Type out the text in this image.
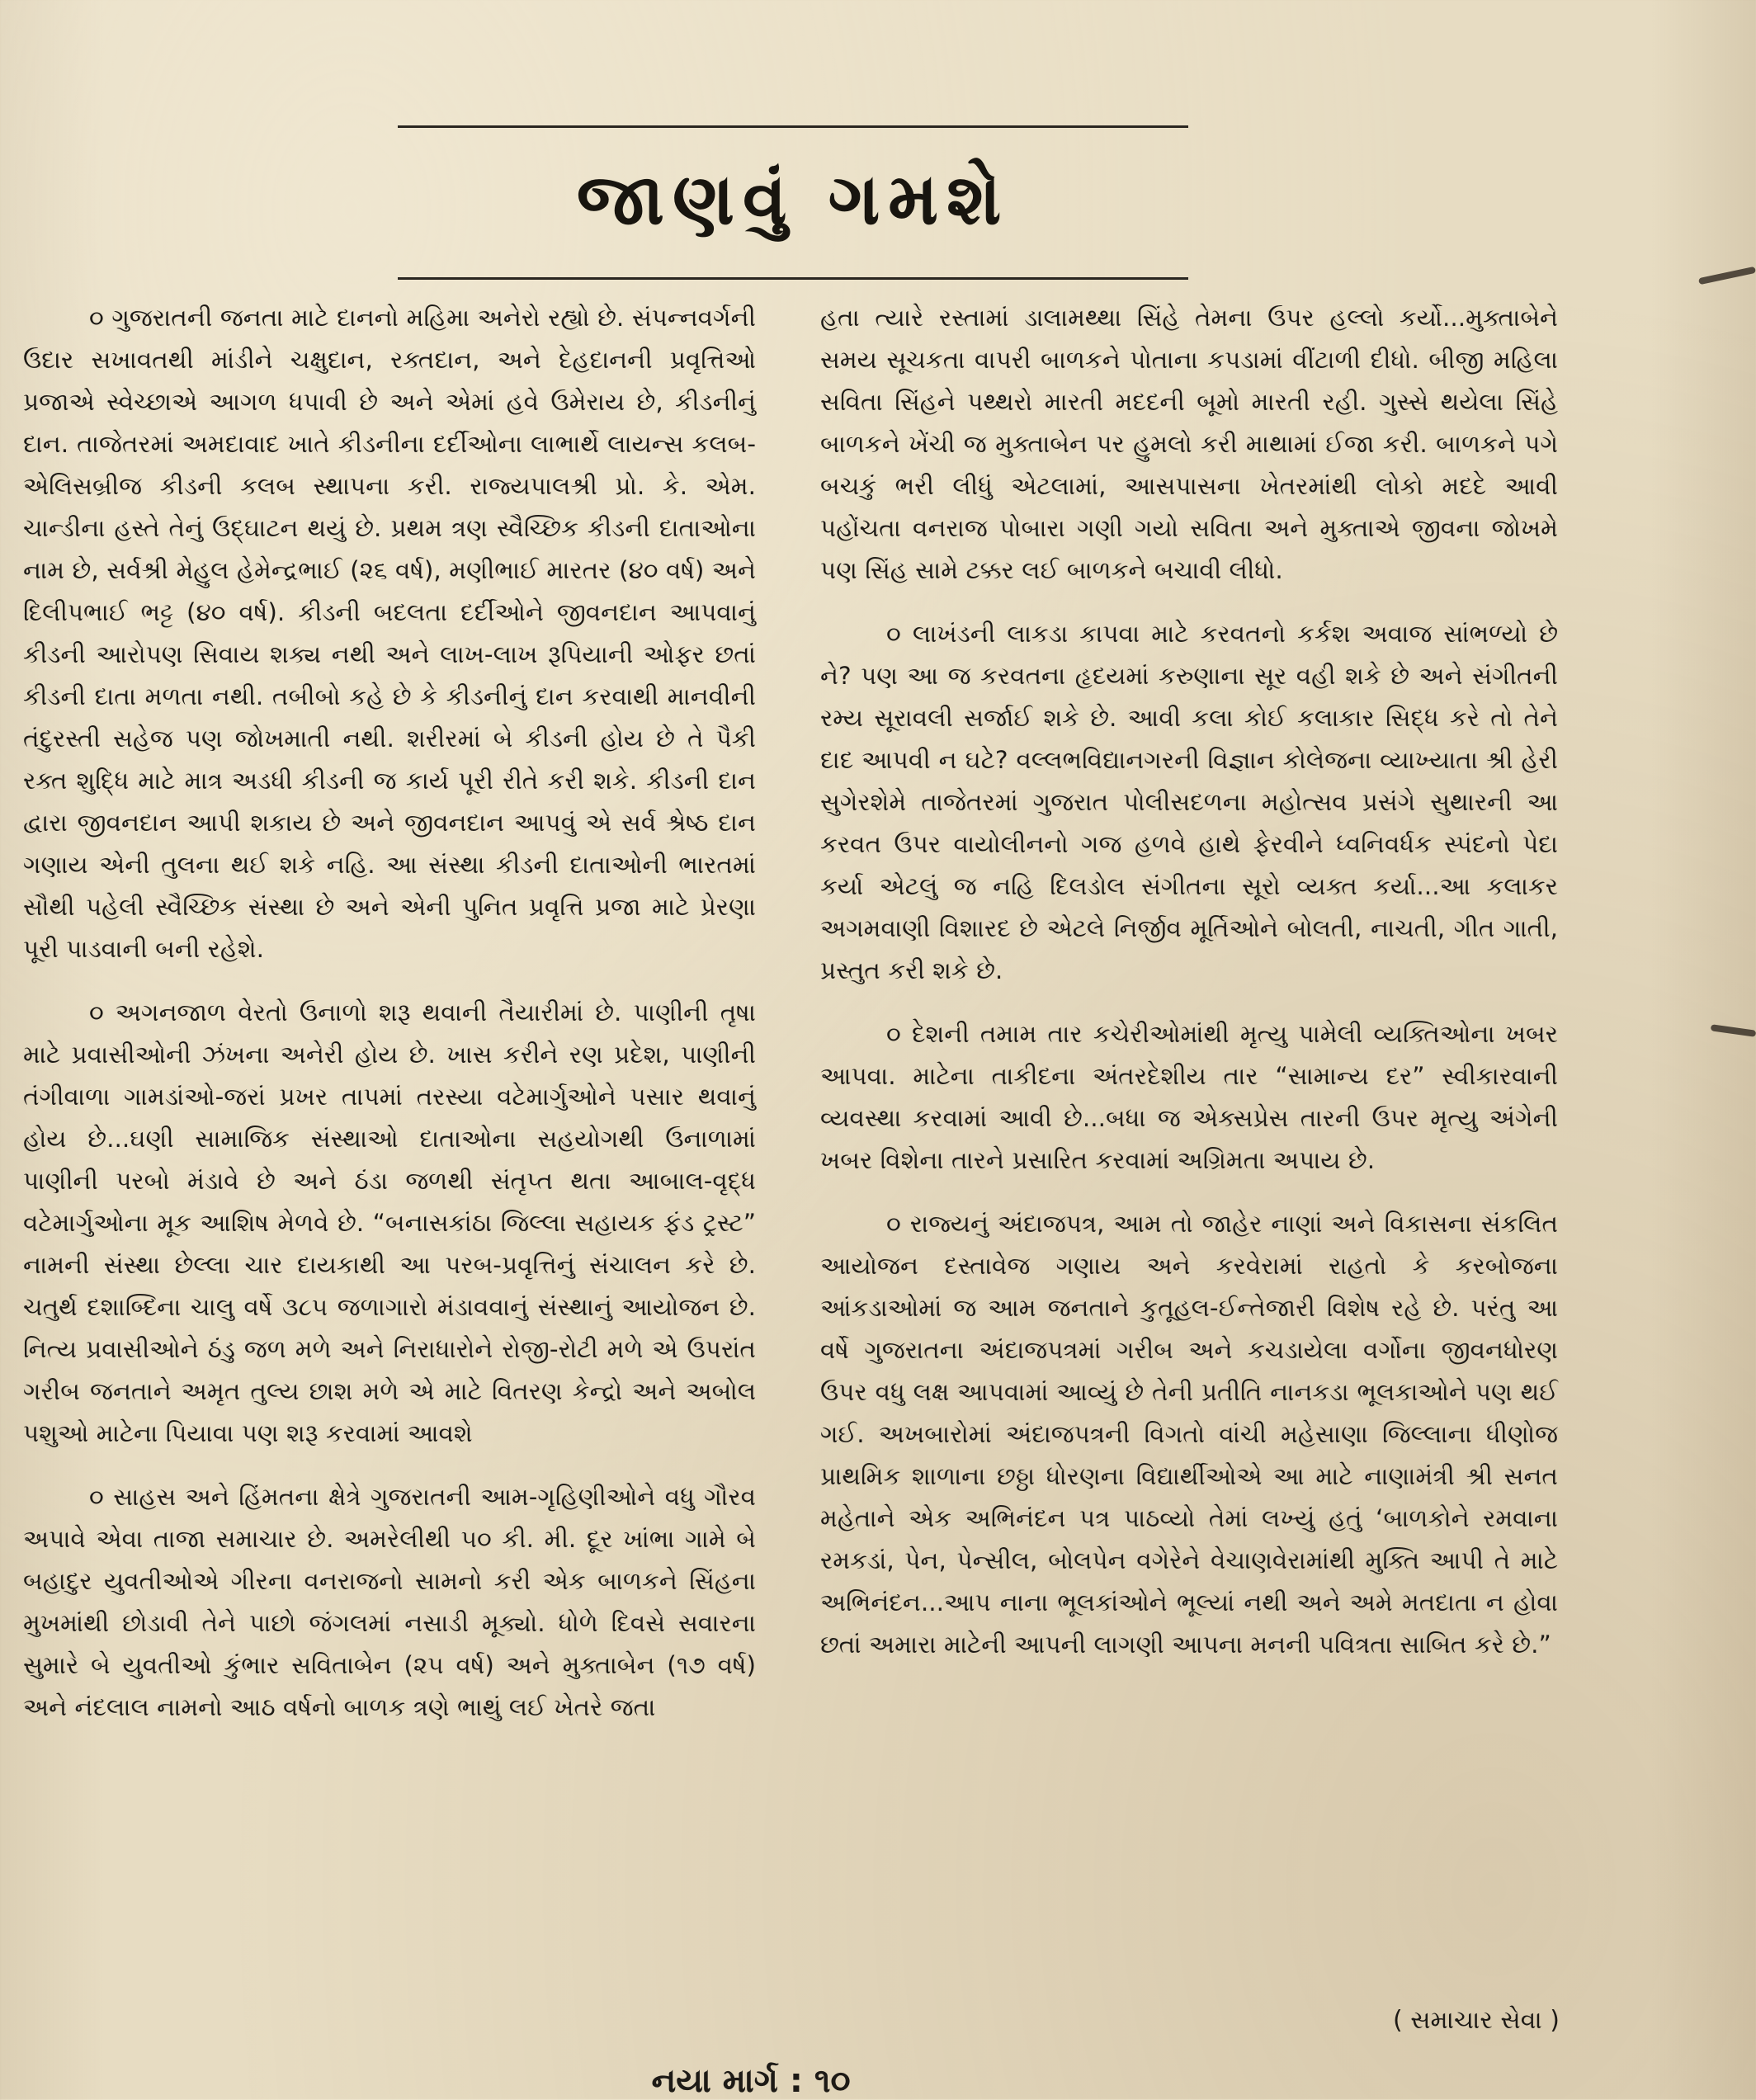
જાણવું ગમશે

૦ ગુજરાતની જનતા માટે દાનનો મહિમા અનેરો રહ્યો છે. સંપન્નવર્ગની ઉદાર સખાવતથી માંડીને ચક્ષુદાન, રક્તદાન, અને દેહદાનની પ્રવૃત્તિઓ પ્રજાએ સ્વેચ્છાએ આગળ ધપાવી છે અને એમાં હવે ઉમેરાય છે, કીડનીનું દાન. તાજેતરમાં અમદાવાદ ખાતે કીડનીના દર્દીઓના લાભાર્થે લાયન્સ કલબ-એલિસબ્રીજ કીડની કલબ સ્થાપના કરી. રાજ્યપાલશ્રી પ્રો. કે. એમ. ચાન્ડીના હસ્તે તેનું ઉદ્‌ઘાટન થયું છે. પ્રથમ ત્રણ સ્વૈચ્છિક કીડની દાતાઓના નામ છે, સર્વશ્રી મેહુલ હેમેન્દ્રભાઈ (૨૬ વર્ષ), મણીભાઈ મારતર (૪૦ વર્ષ) અને દિલીપભાઈ ભટ્ટ (૪૦ વર્ષ). કીડની બદલતા દર્દીઓને જીવનદાન આપવાનું કીડની આરોપણ સિવાય શક્ય નથી અને લાખ-લાખ રૂપિયાની ઓફર છતાં કીડની દાતા મળતા નથી. તબીબો કહે છે કે કીડનીનું દાન કરવાથી માનવીની તંદુરસ્તી સહેજ પણ જોખમાતી નથી. શરીરમાં બે કીડની હોય છે તે પૈકી રક્ત શુદ્ધિ માટે માત્ર અડધી કીડની જ કાર્ય પૂરી રીતે કરી શકે. કીડની દાન દ્વારા જીવનદાન આપી શકાય છે અને જીવનદાન આપવું એ સર્વ શ્રેષ્ઠ દાન ગણાય એની તુલના થઈ શકે નહિ. આ સંસ્થા કીડની દાતાઓની ભારતમાં સૌથી પહેલી સ્વૈચ્છિક સંસ્થા છે અને એની પુનિત પ્રવૃત્તિ પ્રજા માટે પ્રેરણા પૂરી પાડવાની બની રહેશે.

૦ અગનજાળ વેરતો ઉનાળો શરૂ થવાની તૈયારીમાં છે. પાણીની તૃષા માટે પ્રવાસીઓની ઝંખના અનેરી હોય છે. ખાસ કરીને રણ પ્રદેશ, પાણીની તંગીવાળા ગામડાંઓ-જરાં પ્રખર તાપમાં તરસ્યા વટેમાર્ગુઓને પસાર થવાનું હોય છે...ઘણી સામાજિક સંસ્થાઓ દાતાઓના સહયોગથી ઉનાળામાં પાણીની પરબો મંડાવે છે અને ઠંડા જળથી સંતૃપ્ત થતા આબાલ-વૃદ્ધ વટેમાર્ગુઓના મૂક આશિષ મેળવે છે. “બનાસકાંઠા જિલ્લા સહાયક ફંડ ટ્રસ્ટ” નામની સંસ્થા છેલ્લા ચાર દાયકાથી આ પરબ-પ્રવૃત્તિનું સંચાલન કરે છે. ચતુર્થ દશાબ્દિના ચાલુ વર્ષે ૩૮૫ જળાગારો મંડાવવાનું સંસ્થાનું આયોજન છે. નિત્ય પ્રવાસીઓને ઠંડુ જળ મળે અને નિરાધારોને રોજી-રોટી મળે એ ઉપરાંત ગરીબ જનતાને અમૃત તુલ્ય છાશ મળે એ માટે વિતરણ કેન્દ્રો અને અબોલ પશુઓ માટેના પિયાવા પણ શરૂ કરવામાં આવશે

૦ સાહસ અને હિંમતના ક્ષેત્રે ગુજરાતની આમ-ગૃહિણીઓને વધુ ગૌરવ અપાવે એવા તાજા સમાચાર છે. અમરેલીથી ૫૦ કી. મી. દૂર ખાંભા ગામે બે બહાદુર યુવતીઓએ ગીરના વનરાજનો સામનો કરી એક બાળકને સિંહના મુખમાંથી છોડાવી તેને પાછો જંગલમાં નસાડી મૂક્યો. ધોળે દિવસે સવારના સુમારે બે યુવતીઓ કુંભાર સવિતાબેન (૨૫ વર્ષ) અને મુક્તાબેન (૧૭ વર્ષ) અને નંદલાલ નામનો આઠ વર્ષનો બાળક ત્રણે ભાથું લઈ ખેતરે જતા

હતા ત્યારે રસ્તામાં ડાલામથ્થા સિંહે તેમના ઉપર હલ્લો કર્યો...મુક્તાબેને સમય સૂચકતા વાપરી બાળકને પોતાના કપડામાં વીંટાળી દીધો. બીજી મહિલા સવિતા સિંહને પથ્થરો મારતી મદદની બૂમો મારતી રહી. ગુસ્સે થયેલા સિંહે બાળકને ખેંચી જ મુક્તાબેન પર હુમલો કરી માથામાં ઈજા કરી. બાળકને પગે બચકું ભરી લીધું એટલામાં, આસપાસના ખેતરમાંથી લોકો મદદે આવી પહોંચતા વનરાજ પોબારા ગણી ગયો સવિતા અને મુક્તાએ જીવના જોખમે પણ સિંહ સામે ટક્કર લઈ બાળકને બચાવી લીધો.

૦ લાખંડની લાકડા કાપવા માટે કરવતનો કર્કશ અવાજ સાંભળ્યો છે ને? પણ આ જ કરવતના હૃદયમાં કરુણાના સૂર વહી શકે છે અને સંગીતની રમ્ય સૂરાવલી સર્જાઈ શકે છે. આવી કલા કોઈ કલાકાર સિદ્ધ કરે તો તેને દાદ આપવી ન ઘટે? વલ્લભવિદ્યાનગરની વિજ્ઞાન કોલેજના વ્યાખ્યાતા શ્રી હેરી સુગેરશેમે તાજેતરમાં ગુજરાત પોલીસદળના મહોત્સવ પ્રસંગે સુથારની આ કરવત ઉપર વાયોલીનનો ગજ હળવે હાથે ફેરવીને ધ્વનિવર્ધક સ્પંદનો પેદા કર્યા એટલું જ નહિ દિલડોલ સંગીતના સૂરો વ્યક્ત કર્યા...આ કલાકર અગમવાણી વિશારદ છે એટલે નિર્જીવ મૂર્તિઓને બોલતી, નાચતી, ગીત ગાતી, પ્રસ્તુત કરી શકે છે.

૦ દેશની તમામ તાર કચેરીઓમાંથી મૃત્યુ પામેલી વ્યક્તિઓના ખબર આપવા. માટેના તાકીદના અંતરદેશીય તાર “સામાન્ય દર” સ્વીકારવાની વ્યવસ્થા કરવામાં આવી છે...બધા જ એક્સપ્રેસ તારની ઉપર મૃત્યુ અંગેની ખબર વિશેના તારને પ્રસારિત કરવામાં અગ્રિમતા અપાય છે.

૦ રાજ્યનું અંદાજપત્ર, આમ તો જાહેર નાણાં અને વિકાસના સંકલિત આયોજન દસ્તાવેજ ગણાય અને કરવેરામાં રાહતો કે કરબોજના આંકડાઓમાં જ આમ જનતાને કુતૂહલ-ઈન્તેજારી વિશેષ રહે છે. પરંતુ આ વર્ષે ગુજરાતના અંદાજપત્રમાં ગરીબ અને કચડાયેલા વર્ગોના જીવનધોરણ ઉપર વધુ લક્ષ આપવામાં આવ્યું છે તેની પ્રતીતિ નાનકડા ભૂલકાઓને પણ થઈ ગઈ. અખબારોમાં અંદાજપત્રની વિગતો વાંચી મહેસાણા જિલ્લાના ધીણોજ પ્રાથમિક શાળાના છઠ્ઠા ધોરણના વિદ્યાર્થીઓએ આ માટે નાણામંત્રી શ્રી સનત મહેતાને એક અભિનંદન પત્ર પાઠવ્યો તેમાં લખ્યું હતું ‘બાળકોને રમવાના રમકડાં, પેન, પેન્સીલ, બોલપેન વગેરેને વેચાણવેરામાંથી મુક્તિ આપી તે માટે અભિનંદન...આપ નાના ભૂલકાંઓને ભૂલ્યાં નથી અને અમે મતદાતા ન હોવા છતાં અમારા માટેની આપની લાગણી આપના મનની પવિત્રતા સાબિત કરે છે.”

( સમાચાર સેવા )
નયા માર્ગ : ૧૦
